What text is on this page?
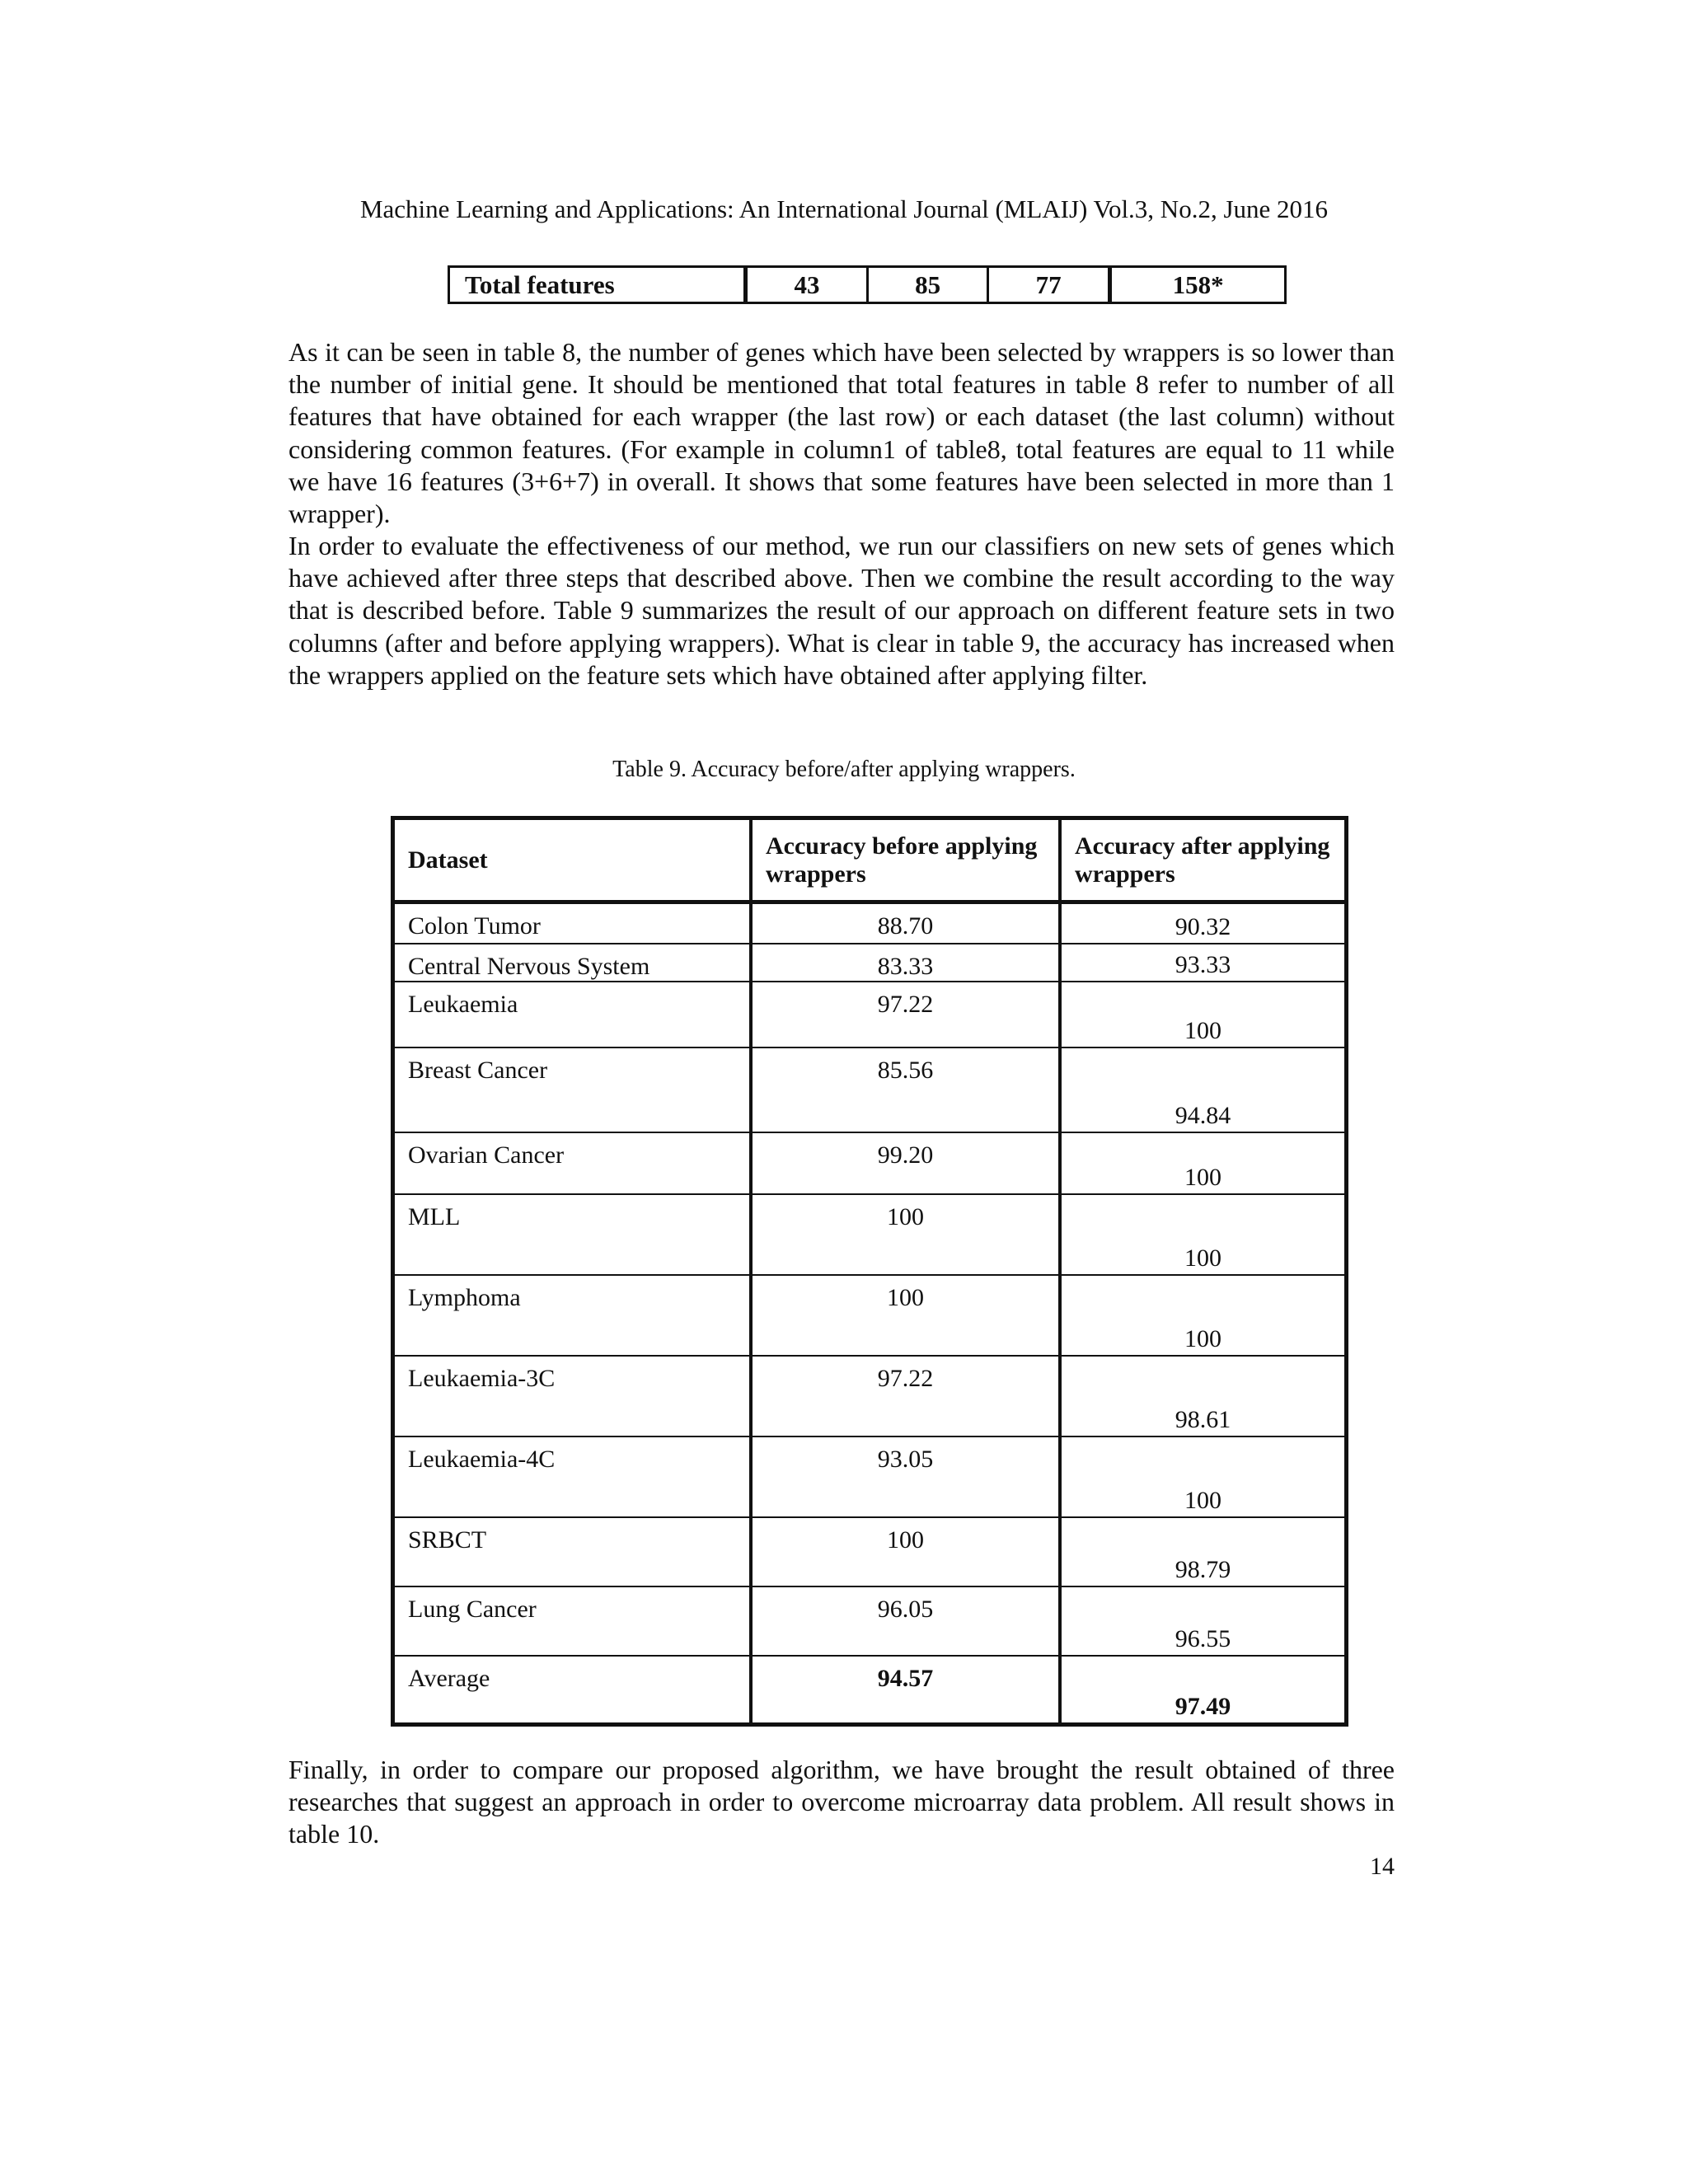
Machine Learning and Applications: An International Journal (MLAIJ) Vol.3, No.2, June 2016
Total features	43	85	77	158*

As it can be seen in table 8, the number of genes which have been selected by wrappers is so lower than the number of initial gene. It should be mentioned that total features in table 8 refer to number of all features that have obtained for each wrapper (the last row) or each dataset (the last column) without considering common features. (For example in column1 of table8, total features are equal to 11 while we have 16 features (3+6+7) in overall. It shows that some features have been selected in more than 1 wrapper).

In order to evaluate the effectiveness of our method, we run our classifiers on new sets of genes which have achieved after three steps that described above. Then we combine the result according to the way that is described before. Table 9 summarizes the result of our approach on different feature sets in two columns (after and before applying wrappers). What is clear in table 9, the accuracy has increased when the wrappers applied on the feature sets which have obtained after applying filter.

Table 9. Accuracy before/after applying wrappers.
Dataset	Accuracy before applying wrappers	Accuracy after applying wrappers
Colon Tumor	88.70	90.32
Central Nervous System	83.33	93.33
Leukaemia	97.22	100
Breast Cancer	85.56	94.84
Ovarian Cancer	99.20	100
MLL	100	100
Lymphoma	100	100
Leukaemia-3C	97.22	98.61
Leukaemia-4C	93.05	100
SRBCT	100	98.79
Lung Cancer	96.05	96.55
Average	94.57	97.49

Finally, in order to compare our proposed algorithm, we have brought the result obtained of three researches that suggest an approach in order to overcome microarray data problem. All result shows in table 10.

14
